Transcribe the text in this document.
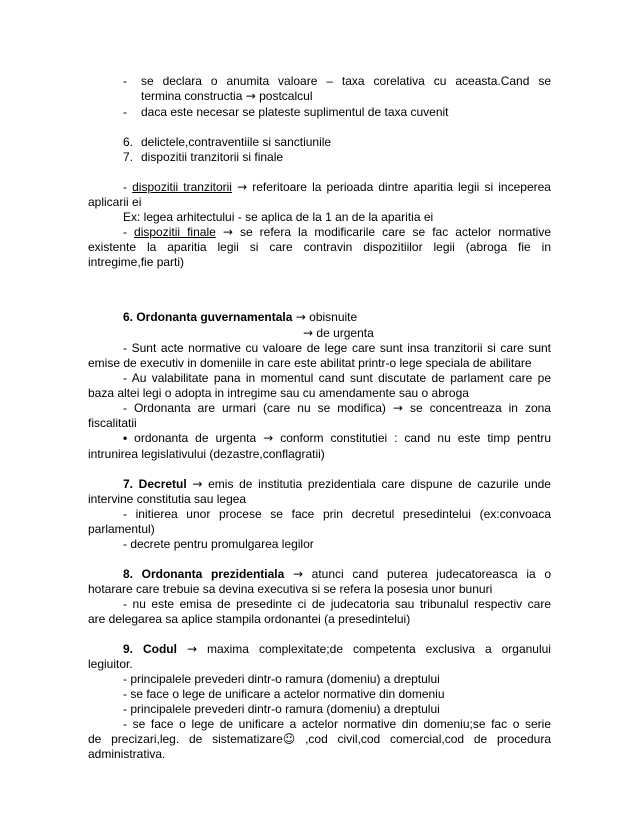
- se declara o anumita valoare – taxa corelativa cu aceasta.Cand se
termina constructia → postcalcul
- daca este necesar se plateste suplimentul de taxa cuvenit
6. delictele,contraventiile si sanctiunile
7. dispozitii tranzitorii si finale
- dispozitii tranzitorii → referitoare la perioada dintre aparitia legii si inceperea
aplicarii ei
Ex: legea arhitectului - se aplica de la 1 an de la aparitia ei
- dispozitii finale → se refera la modificarile care se fac actelor normative
existente la aparitia legii si care contravin dispozitiilor legii (abroga fie in
intregime,fie parti)
6. Ordonanta guvernamentala → obisnuite
→ de urgenta
- Sunt acte normative cu valoare de lege care sunt insa tranzitorii si care sunt
emise de executiv in domeniile in care este abilitat printr-o lege speciala de abilitare
- Au valabilitate pana in momentul cand sunt discutate de parlament care pe
baza altei legi o adopta in intregime sau cu amendamente sau o abroga
- Ordonanta are urmari (care nu se modifica) → se concentreaza in zona
fiscalitatii
• ordonanta de urgenta → conform constitutiei : cand nu este timp pentru
intrunirea legislativului (dezastre,conflagratii)
7. Decretul → emis de institutia prezidentiala care dispune de cazurile unde
intervine constitutia sau legea
- initierea unor procese se face prin decretul presedintelui (ex:convoaca
parlamentul)
- decrete pentru promulgarea legilor
8. Ordonanta prezidentiala → atunci cand puterea judecatoreasca ia o
hotarare care trebuie sa devina executiva si se refera la posesia unor bunuri
- nu este emisa de presedinte ci de judecatoria sau tribunalul respectiv care
are delegarea sa aplice stampila ordonantei (a presedintelui)
9. Codul → maxima complexitate;de competenta exclusiva a organului
legiuitor.
- principalele prevederi dintr-o ramura (domeniu) a dreptului
- se face o lege de unificare a actelor normative din domeniu
- principalele prevederi dintr-o ramura (domeniu) a dreptului
- se face o lege de unificare a actelor normative din domeniu;se fac o serie
de precizari,leg. de sistematizare☺ ,cod civil,cod comercial,cod de procedura
administrativa.
